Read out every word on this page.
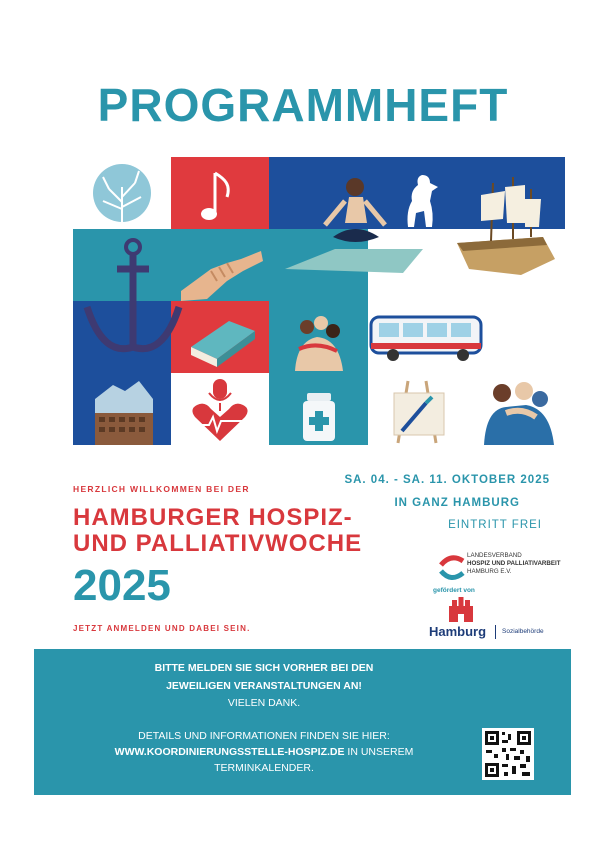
PROGRAMMHEFT
HERZLICH WILLKOMMEN BEI DER
HAMBURGER HOSPIZ-
UND PALLIATIVWOCHE
2025
JETZT ANMELDEN UND DABEI SEIN.
SA. 04. - SA. 11. OKTOBER 2025
IN GANZ HAMBURG
EINTRITT FREI
LANDESVERBAND
HOSPIZ UND PALLIATIVARBEIT
HAMBURG E.V.
gefördert von
Hamburg Sozialbehörde
BITTE MELDEN SIE SICH VORHER BEI DEN
JEWEILIGEN VERANSTALTUNGEN AN!
VIELEN DANK.
DETAILS UND INFORMATIONEN FINDEN SIE HIER:
WWW.KOORDINIERUNGSSTELLE-HOSPIZ.DE IN UNSEREM
TERMINKALENDER.
